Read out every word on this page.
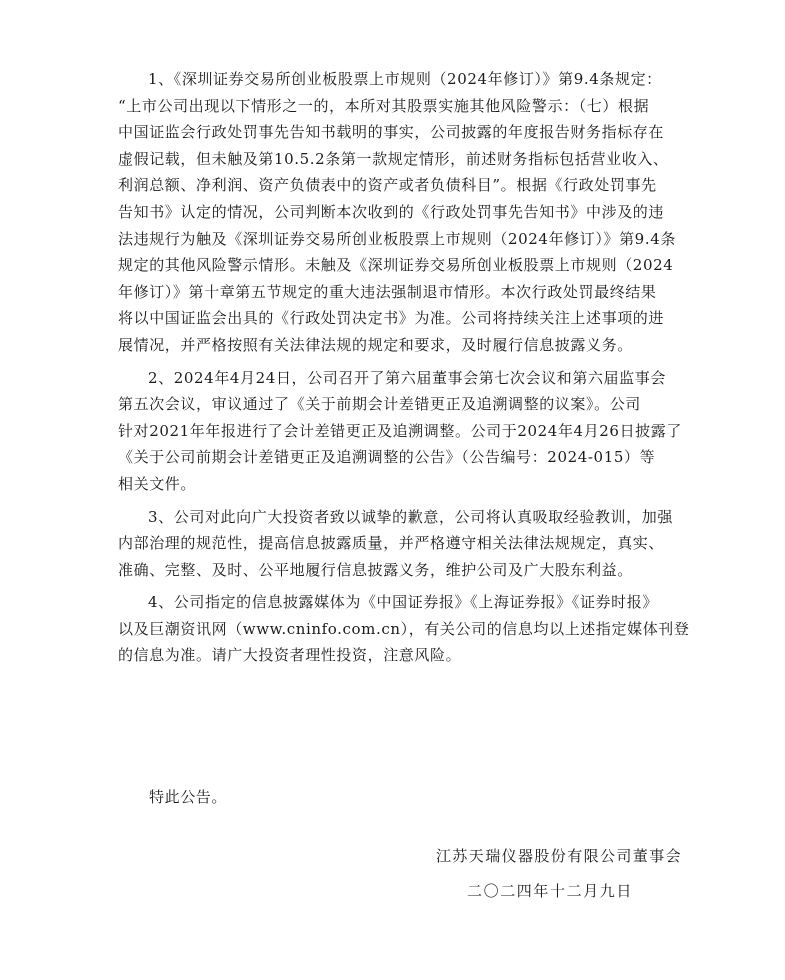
1、《深圳证券交易所创业板股票上市规则（2024年修订）》第9.4条规定：
“上市公司出现以下情形之一的，本所对其股票实施其他风险警示：（七）根据
中国证监会行政处罚事先告知书载明的事实，公司披露的年度报告财务指标存在
虚假记载，但未触及第10.5.2条第一款规定情形，前述财务指标包括营业收入、
利润总额、净利润、资产负债表中的资产或者负债科目”。根据《行政处罚事先
告知书》认定的情况，公司判断本次收到的《行政处罚事先告知书》中涉及的违
法违规行为触及《深圳证券交易所创业板股票上市规则（2024年修订）》第9.4条
规定的其他风险警示情形。未触及《深圳证券交易所创业板股票上市规则（2024
年修订）》第十章第五节规定的重大违法强制退市情形。本次行政处罚最终结果
将以中国证监会出具的《行政处罚决定书》为准。公司将持续关注上述事项的进
展情况，并严格按照有关法律法规的规定和要求，及时履行信息披露义务。
2、2024年4月24日，公司召开了第六届董事会第七次会议和第六届监事会
第五次会议，审议通过了《关于前期会计差错更正及追溯调整的议案》。公司
针对2021年年报进行了会计差错更正及追溯调整。公司于2024年4月26日披露了
《关于公司前期会计差错更正及追溯调整的公告》（公告编号：2024-015）等
相关文件。
3、公司对此向广大投资者致以诚挚的歉意，公司将认真吸取经验教训，加强
内部治理的规范性，提高信息披露质量，并严格遵守相关法律法规规定，真实、
准确、完整、及时、公平地履行信息披露义务，维护公司及广大股东利益。
4、公司指定的信息披露媒体为《中国证券报》《上海证券报》《证券时报》
以及巨潮资讯网（www.cninfo.com.cn），有关公司的信息均以上述指定媒体刊登
的信息为准。请广大投资者理性投资，注意风险。
特此公告。
江苏天瑞仪器股份有限公司董事会
二〇二四年十二月九日
